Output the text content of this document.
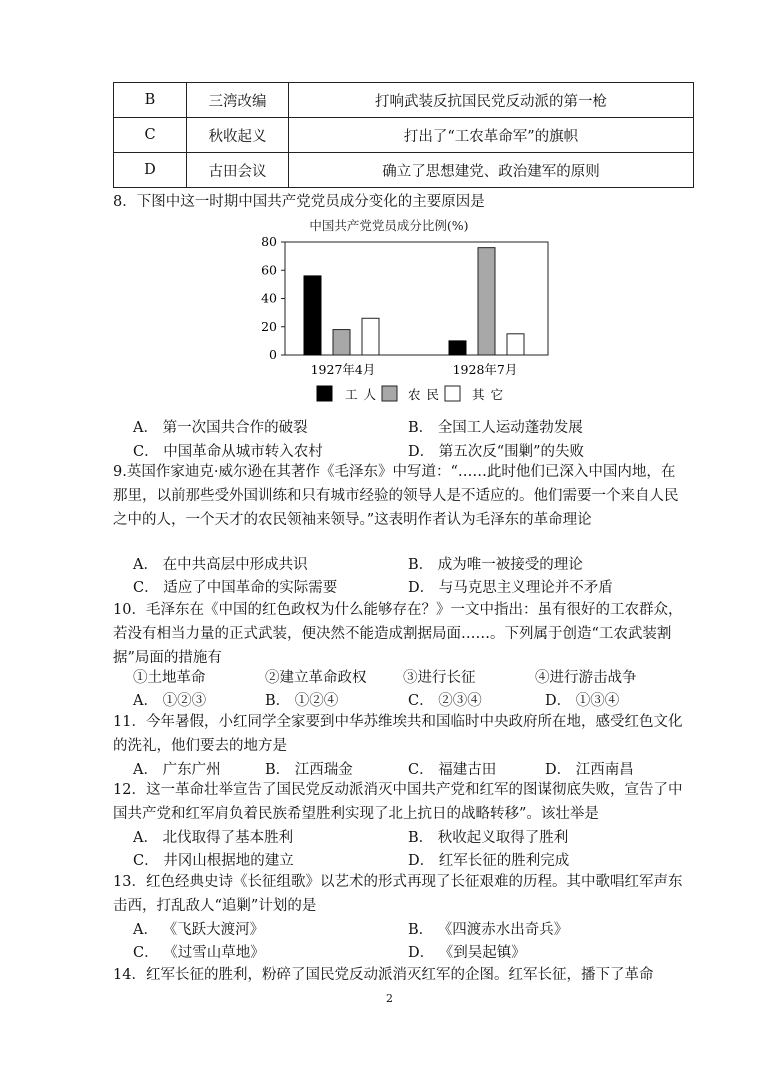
B	三湾改编	打响武装反抗国民党反动派的第一枪
C	秋收起义	打出了“工农革命军”的旗帜
D	古田会议	确立了思想建党、政治建军的原则
8．下图中这一时期中国共产党党员成分变化的主要原因是
中国共产党党员成分比例(%)
0
20
40
60
80
1927年4月	1928年7月
工人 农民 其它
A． 第一次国共合作的破裂	B． 全国工人运动蓬勃发展
C． 中国革命从城市转入农村	D． 第五次反“围剿”的失败
9.英国作家迪克·威尔逊在其著作《毛泽东》中写道：“……此时他们已深入中国内地，在那里，以前那些受外国训练和只有城市经验的领导人是不适应的。他们需要一个来自人民之中的人，一个天才的农民领袖来领导。”这表明作者认为毛泽东的革命理论
A． 在中共高层中形成共识	B． 成为唯一被接受的理论
C． 适应了中国革命的实际需要	D． 与马克思主义理论并不矛盾
10．毛泽东在《中国的红色政权为什么能够存在？》一文中指出：虽有很好的工农群众，若没有相当力量的正式武装，便决然不能造成割据局面……。下列属于创造“工农武装割据”局面的措施有
①土地革命	②建立革命政权	③进行长征	④进行游击战争
A． ①②③	B． ①②④	C． ②③④	D． ①③④
11．今年暑假，小红同学全家要到中华苏维埃共和国临时中央政府所在地，感受红色文化的洗礼，他们要去的地方是
A． 广东广州	B． 江西瑞金	C． 福建古田	D． 江西南昌
12．这一革命壮举宣告了国民党反动派消灭中国共产党和红军的图谋彻底失败，宣告了中国共产党和红军肩负着民族希望胜利实现了北上抗日的战略转移”。该壮举是
A． 北伐取得了基本胜利	B． 秋收起义取得了胜利
C． 井冈山根据地的建立	D． 红军长征的胜利完成
13．红色经典史诗《长征组歌》以艺术的形式再现了长征艰难的历程。其中歌唱红军声东击西，打乱敌人“追剿”计划的是
A． 《飞跃大渡河》	B． 《四渡赤水出奇兵》
C． 《过雪山草地》	D． 《到吴起镇》
14．红军长征的胜利，粉碎了国民党反动派消灭红军的企图。红军长征，播下了革命
2
